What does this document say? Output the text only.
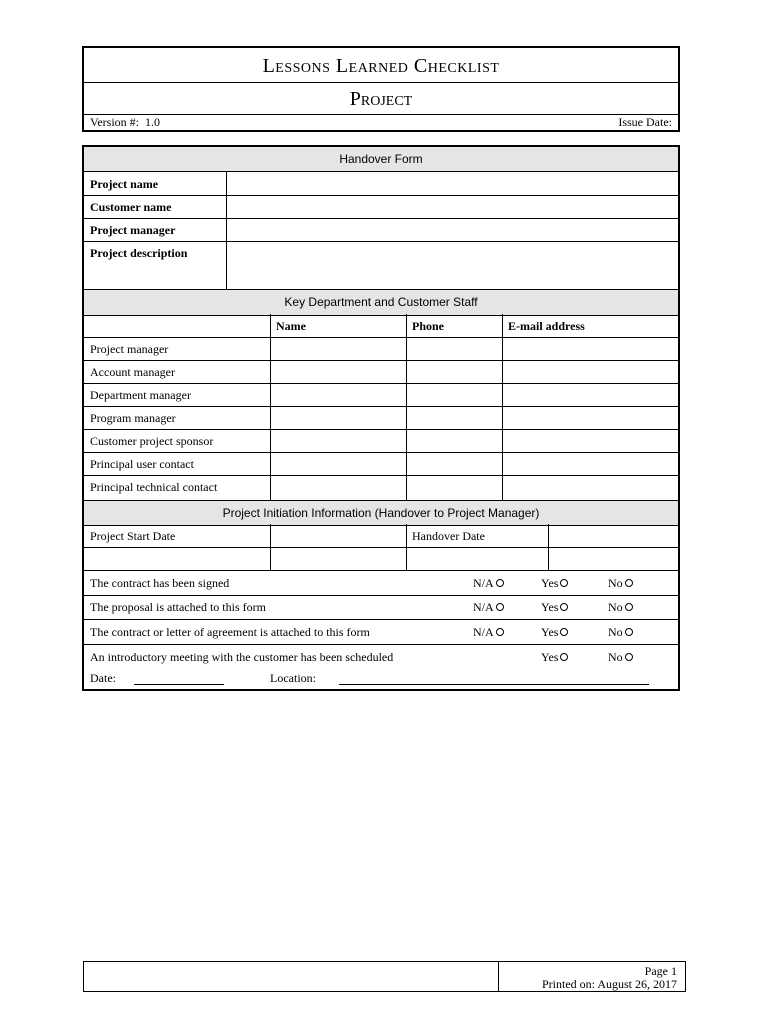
Lessons Learned Checklist
Project
Version #: 1.0	Issue Date:
Handover Form
Project name
Customer name
Project manager
Project description
Key Department and Customer Staff
Name	Phone	E-mail address
Project manager
Account manager
Department manager
Program manager
Customer project sponsor
Principal user contact
Principal technical contact
Project Initiation Information (Handover to Project Manager)
Project Start Date	Handover Date
The contract has been signed	N/A	Yes	No
The proposal is attached to this form	N/A	Yes	No
The contract or letter of agreement is attached to this form	N/A	Yes	No
An introductory meeting with the customer has been scheduled	Yes	No
Date:	Location:
Page 1
Printed on: August 26, 2017
